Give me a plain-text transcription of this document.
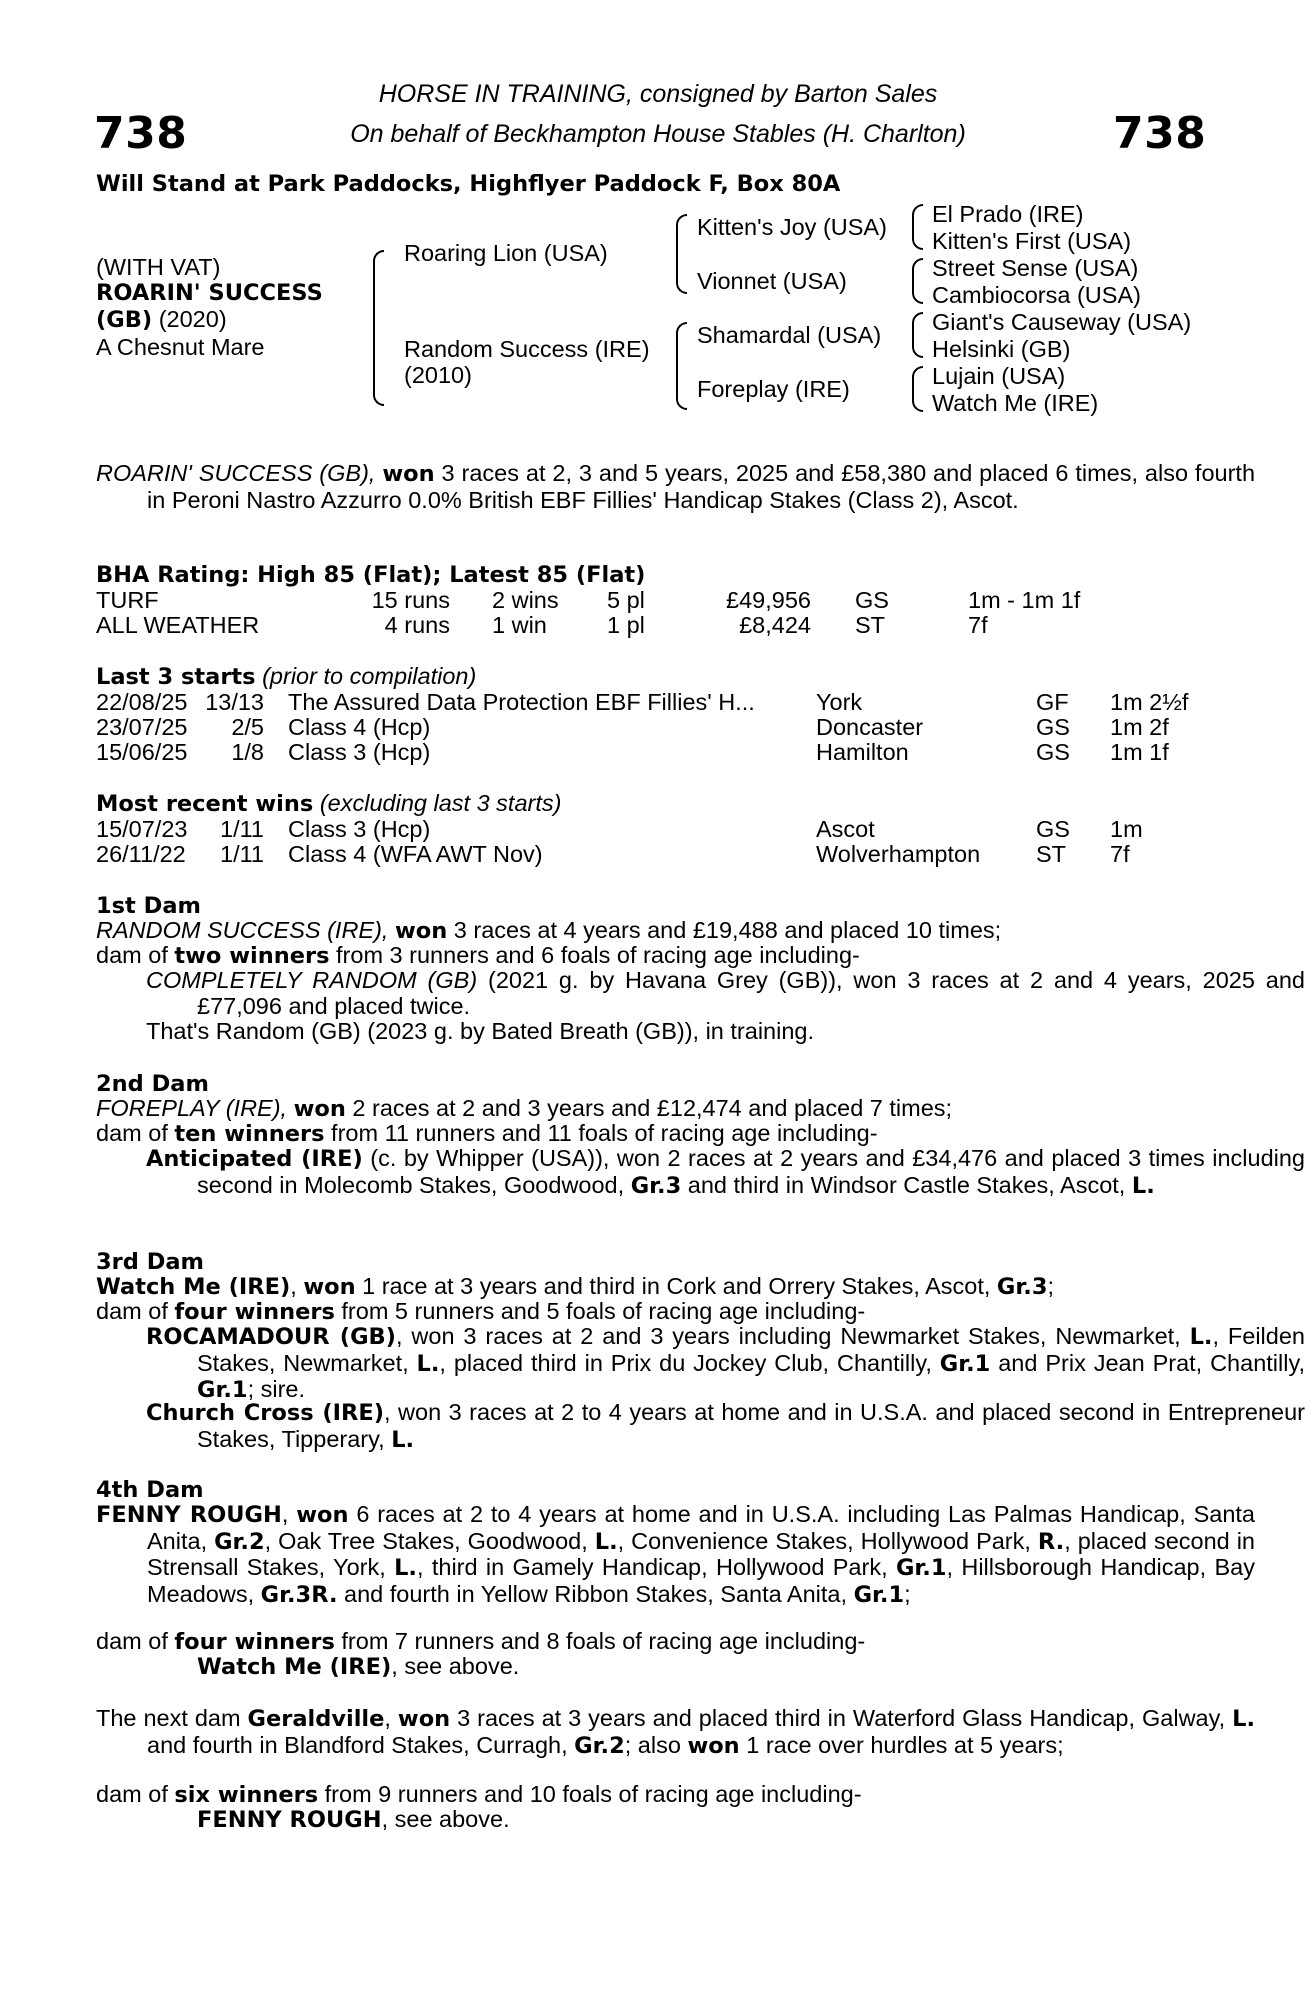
738	738
HORSE IN TRAINING, consigned by Barton Sales
On behalf of Beckhampton House Stables (H. Charlton)
Will Stand at Park Paddocks, Highflyer Paddock F, Box 80A
(WITH VAT)
ROARIN' SUCCESS
(GB) (2020)
A Chesnut Mare
Roaring Lion (USA)
Random Success (IRE)
(2010)
Kitten's Joy (USA)
Vionnet (USA)
Shamardal (USA)
Foreplay (IRE)
El Prado (IRE)
Kitten's First (USA)
Street Sense (USA)
Cambiocorsa (USA)
Giant's Causeway (USA)
Helsinki (GB)
Lujain (USA)
Watch Me (IRE)
ROARIN' SUCCESS (GB), won 3 races at 2, 3 and 5 years, 2025 and £58,380 and placed 6 times, also fourth in Peroni Nastro Azzurro 0.0% British EBF Fillies' Handicap Stakes (Class 2), Ascot.
BHA Rating: High 85 (Flat); Latest 85 (Flat)
TURF	15 runs 2 wins 5 pl	£49,956 GS	1m - 1m 1f
ALL WEATHER	4 runs 1 win	1 pl	£8,424 ST	7f
Last 3 starts (prior to compilation)
22/08/25 13/13 The Assured Data Protection EBF Fillies' H...	York	GF 1m 2½f
23/07/25	2/5 Class 4 (Hcp)	Doncaster	GS 1m 2f
15/06/25	1/8 Class 3 (Hcp)	Hamilton	GS 1m 1f
Most recent wins (excluding last 3 starts)
15/07/23	1/11 Class 3 (Hcp)	Ascot	GS 1m
26/11/22	1/11 Class 4 (WFA AWT Nov)	Wolverhampton ST 7f
1st Dam
RANDOM SUCCESS (IRE), won 3 races at 4 years and £19,488 and placed 10 times;
dam of two winners from 3 runners and 6 foals of racing age including-
COMPLETELY RANDOM (GB) (2021 g. by Havana Grey (GB)), won 3 races at 2 and 4 years, 2025 and £77,096 and placed twice.
That's Random (GB) (2023 g. by Bated Breath (GB)), in training.
2nd Dam
FOREPLAY (IRE), won 2 races at 2 and 3 years and £12,474 and placed 7 times;
dam of ten winners from 11 runners and 11 foals of racing age including-
Anticipated (IRE) (c. by Whipper (USA)), won 2 races at 2 years and £34,476 and placed 3 times including second in Molecomb Stakes, Goodwood, Gr.3 and third in Windsor Castle Stakes, Ascot, L.
3rd Dam
Watch Me (IRE), won 1 race at 3 years and third in Cork and Orrery Stakes, Ascot, Gr.3;
dam of four winners from 5 runners and 5 foals of racing age including-
ROCAMADOUR (GB), won 3 races at 2 and 3 years including Newmarket Stakes, Newmarket, L., Feilden Stakes, Newmarket, L., placed third in Prix du Jockey Club, Chantilly, Gr.1 and Prix Jean Prat, Chantilly, Gr.1; sire.
Church Cross (IRE), won 3 races at 2 to 4 years at home and in U.S.A. and placed second in Entrepreneur Stakes, Tipperary, L.
4th Dam
FENNY ROUGH, won 6 races at 2 to 4 years at home and in U.S.A. including Las Palmas Handicap, Santa Anita, Gr.2, Oak Tree Stakes, Goodwood, L., Convenience Stakes, Hollywood Park, R., placed second in Strensall Stakes, York, L., third in Gamely Handicap, Hollywood Park, Gr.1, Hillsborough Handicap, Bay Meadows, Gr.3R. and fourth in Yellow Ribbon Stakes, Santa Anita, Gr.1;
dam of four winners from 7 runners and 8 foals of racing age including-
Watch Me (IRE), see above.
The next dam Geraldville, won 3 races at 3 years and placed third in Waterford Glass Handicap, Galway, L. and fourth in Blandford Stakes, Curragh, Gr.2; also won 1 race over hurdles at 5 years;
dam of six winners from 9 runners and 10 foals of racing age including-
FENNY ROUGH, see above.
